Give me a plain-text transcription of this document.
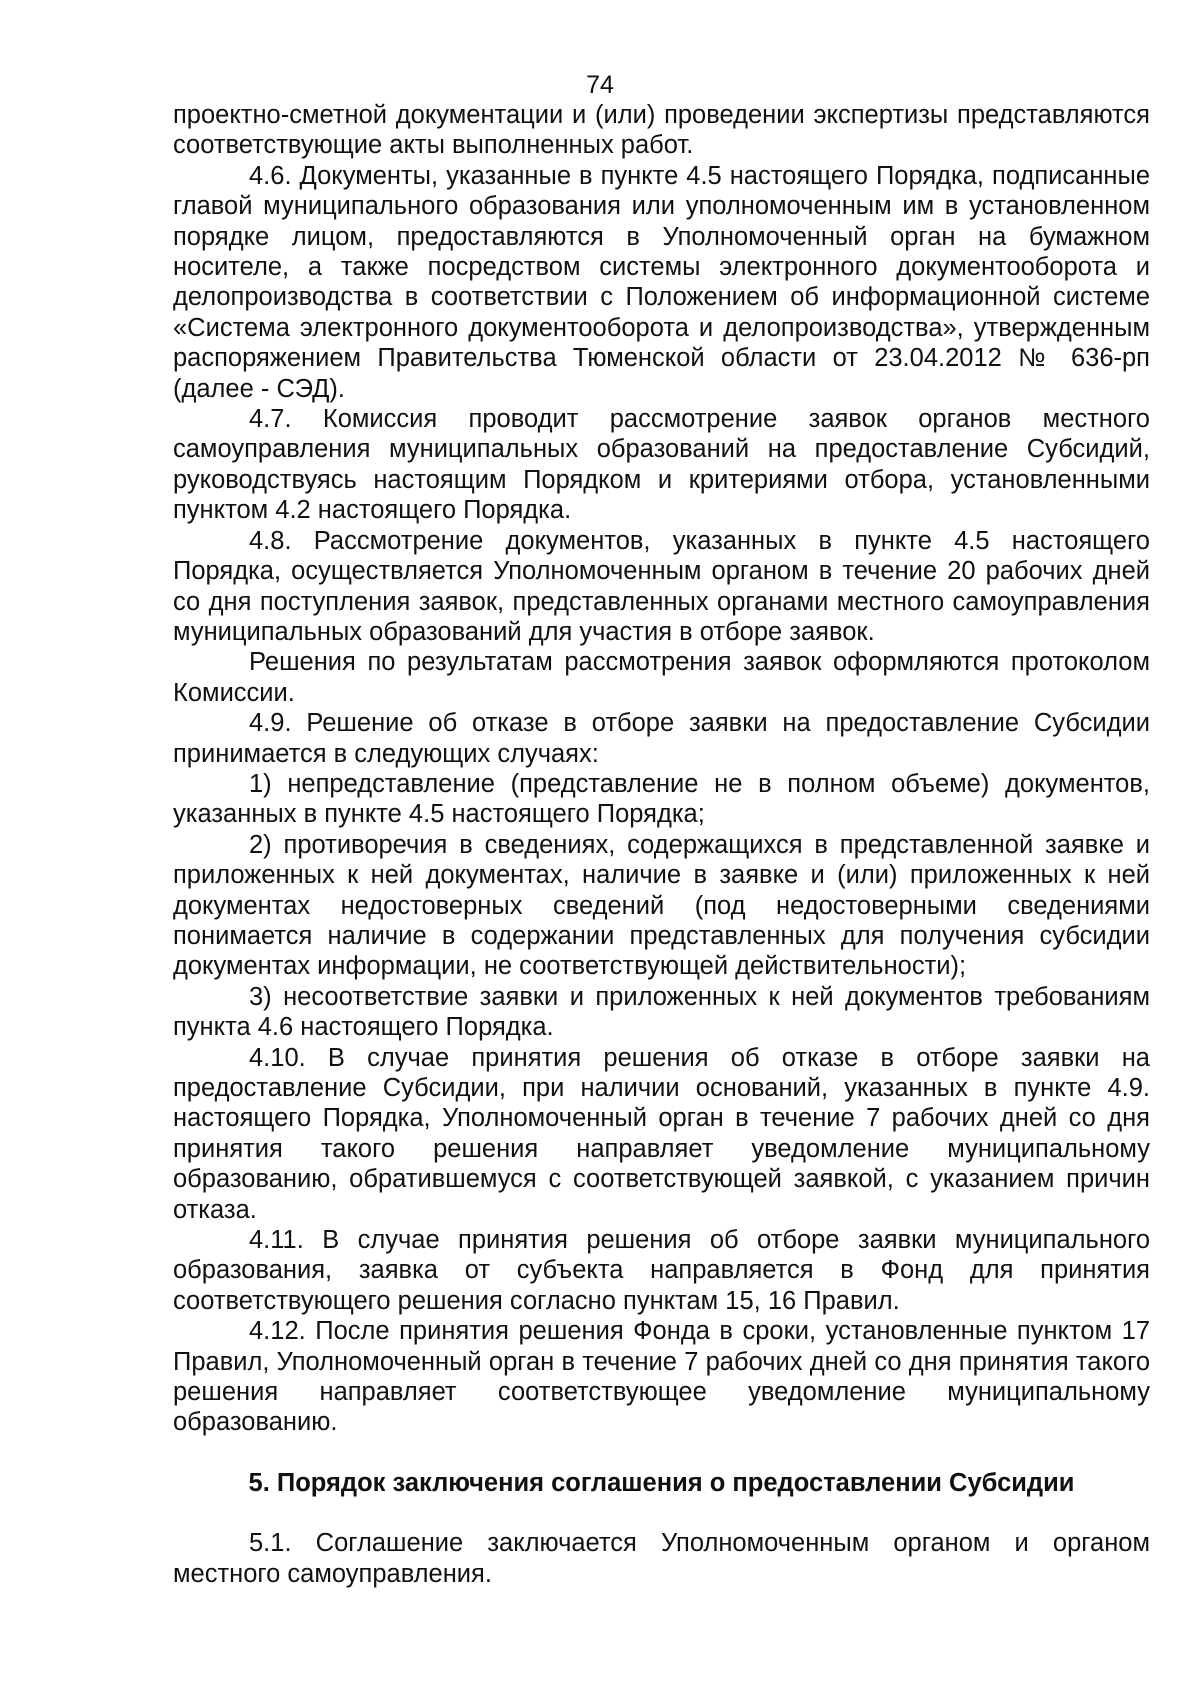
74

проектно-сметной документации и (или) проведении экспертизы представляются соответствующие акты выполненных работ.

4.6. Документы, указанные в пункте 4.5 настоящего Порядка, подписанные главой муниципального образования или уполномоченным им в установленном порядке лицом, предоставляются в Уполномоченный орган на бумажном носителе, а также посредством системы электронного документооборота и делопроизводства в соответствии с Положением об информационной системе «Система электронного документооборота и делопроизводства», утвержденным распоряжением Правительства Тюменской области от 23.04.2012 № 636-рп (далее - СЭД).

4.7. Комиссия проводит рассмотрение заявок органов местного самоуправления муниципальных образований на предоставление Субсидий, руководствуясь настоящим Порядком и критериями отбора, установленными пунктом 4.2 настоящего Порядка.

4.8. Рассмотрение документов, указанных в пункте 4.5 настоящего Порядка, осуществляется Уполномоченным органом в течение 20 рабочих дней со дня поступления заявок, представленных органами местного самоуправления муниципальных образований для участия в отборе заявок.

Решения по результатам рассмотрения заявок оформляются протоколом Комиссии.

4.9. Решение об отказе в отборе заявки на предоставление Субсидии принимается в следующих случаях:

1) непредставление (представление не в полном объеме) документов, указанных в пункте 4.5 настоящего Порядка;

2) противоречия в сведениях, содержащихся в представленной заявке и приложенных к ней документах, наличие в заявке и (или) приложенных к ней документах недостоверных сведений (под недостоверными сведениями понимается наличие в содержании представленных для получения субсидии документах информации, не соответствующей действительности);

3) несоответствие заявки и приложенных к ней документов требованиям пункта 4.6 настоящего Порядка.

4.10. В случае принятия решения об отказе в отборе заявки на предоставление Субсидии, при наличии оснований, указанных в пункте 4.9. настоящего Порядка, Уполномоченный орган в течение 7 рабочих дней со дня принятия такого решения направляет уведомление муниципальному образованию, обратившемуся с соответствующей заявкой, с указанием причин отказа.

4.11. В случае принятия решения об отборе заявки муниципального образования, заявка от субъекта направляется в Фонд для принятия соответствующего решения согласно пунктам 15, 16 Правил.

4.12. После принятия решения Фонда в сроки, установленные пунктом 17 Правил, Уполномоченный орган в течение 7 рабочих дней со дня принятия такого решения направляет соответствующее уведомление муниципальному образованию.

5. Порядок заключения соглашения о предоставлении Субсидии

5.1. Соглашение заключается Уполномоченным органом и органом местного самоуправления.
